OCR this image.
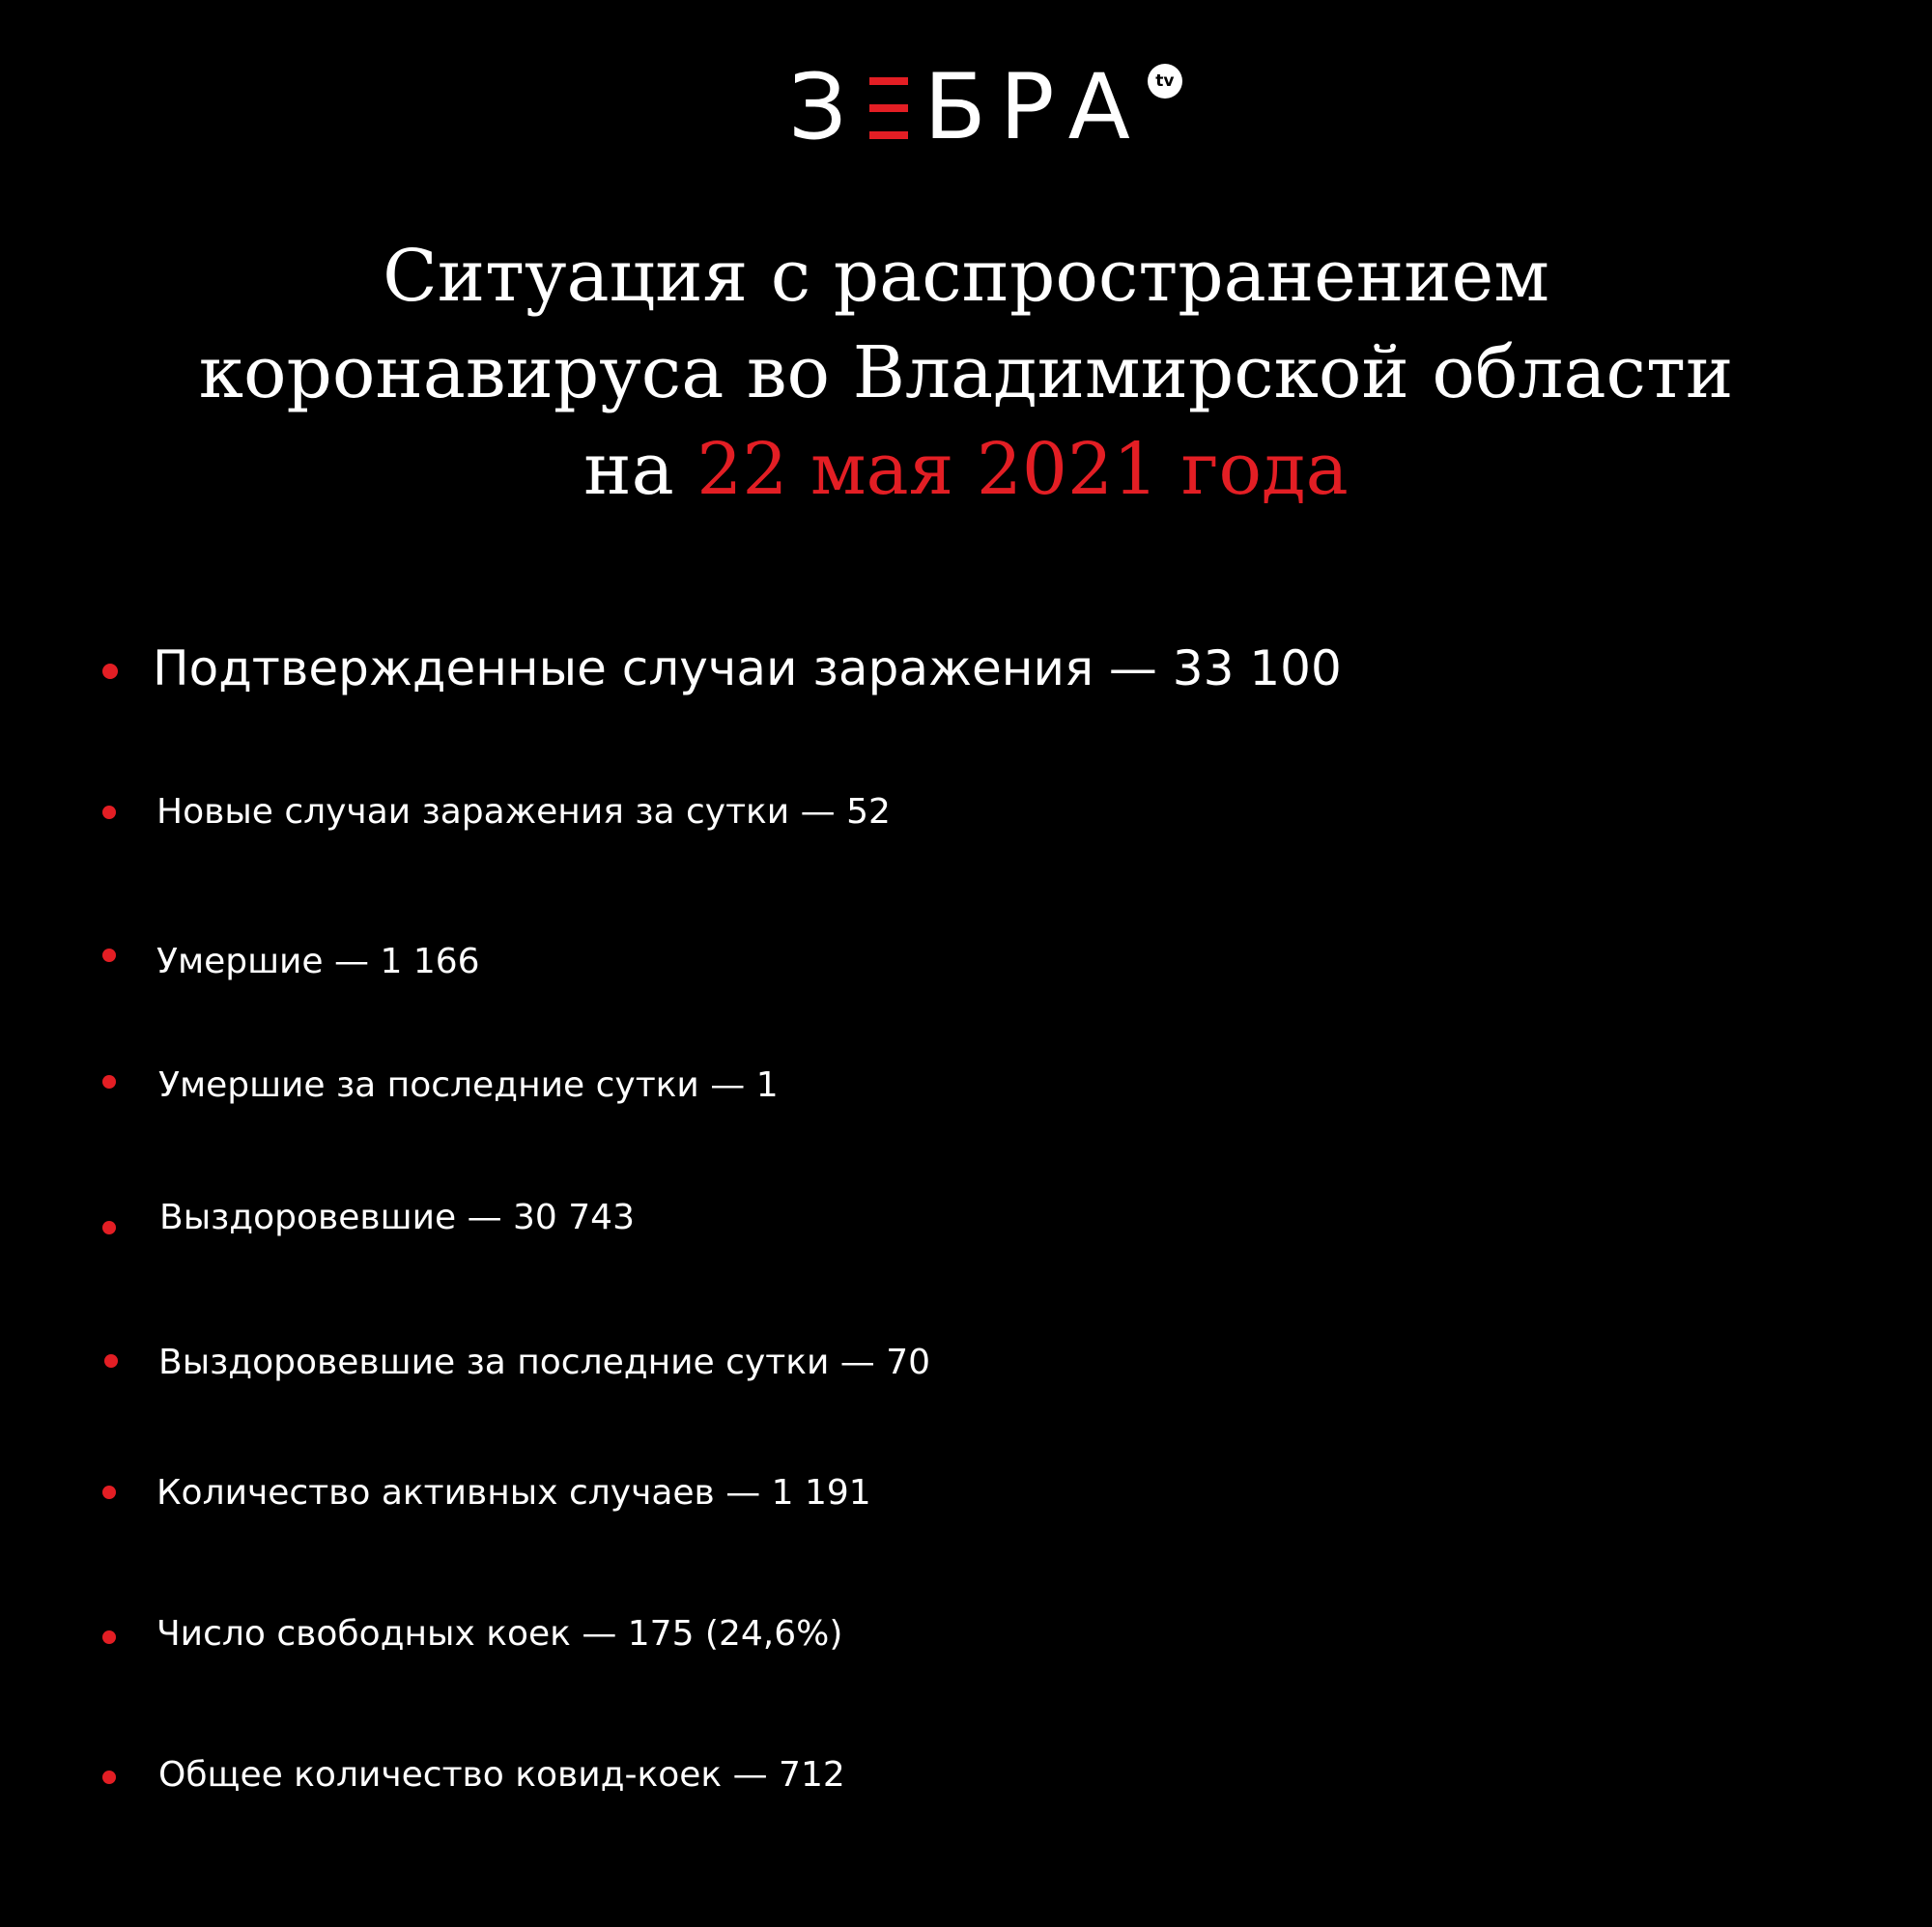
З БРА tv
Ситуация с распространением
коронавируса во Владимирской области
на 22 мая 2021 года
Подтвержденные случаи заражения — 33 100
Новые случаи заражения за сутки — 52
Умершие — 1 166
Умершие за последние сутки — 1
Выздоровевшие — 30 743
Выздоровевшие за последние сутки — 70
Количество активных случаев — 1 191
Число свободных коек — 175 (24,6%)
Общее количество ковид-коек — 712
